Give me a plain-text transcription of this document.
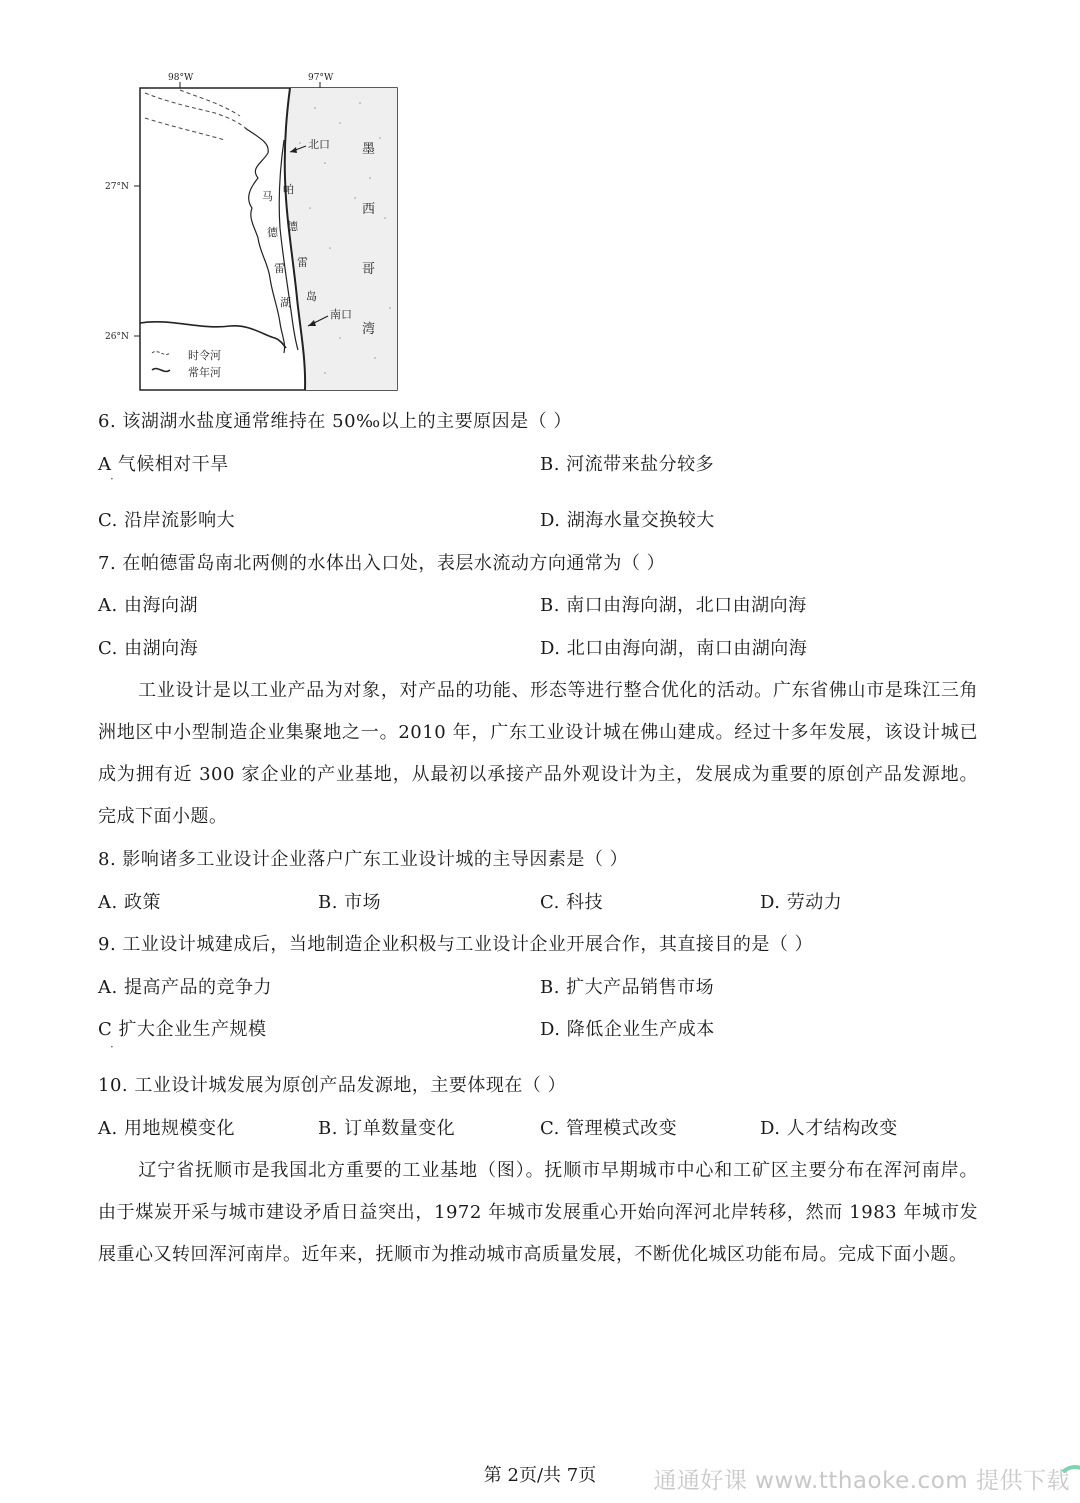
98°W	97°W
27°N
26°N
北口
南口
墨
西
哥
湾
帕
德
雷
岛
马
德
雷
湖
时令河
常年河
6. 该湖湖水盐度通常维持在 50‰以上的主要原因是（ ）
A 气候相对干旱
·
B. 河流带来盐分较多
C. 沿岸流影响大	D. 湖海水量交换较大
7. 在帕德雷岛南北两侧的水体出入口处，表层水流动方向通常为（ ）
A. 由海向湖	B. 南口由海向湖，北口由湖向海
C. 由湖向海	D. 北口由海向湖，南口由湖向海
工业设计是以工业产品为对象，对产品的功能、形态等进行整合优化的活动。广东省佛山市是珠江三角洲地区中小型制造企业集聚地之一。2010 年，广东工业设计城在佛山建成。经过十多年发展，该设计城已成为拥有近 300 家企业的产业基地，从最初以承接产品外观设计为主，发展成为重要的原创产品发源地。完成下面小题。
8. 影响诸多工业设计企业落户广东工业设计城的主导因素是（ ）
A. 政策	B. 市场	C. 科技	D. 劳动力
9. 工业设计城建成后，当地制造企业积极与工业设计企业开展合作，其直接目的是（ ）
A. 提高产品的竞争力	B. 扩大产品销售市场
C 扩大企业生产规模
·
D. 降低企业生产成本
10. 工业设计城发展为原创产品发源地，主要体现在（ ）
A. 用地规模变化	B. 订单数量变化	C. 管理模式改变	D. 人才结构改变
辽宁省抚顺市是我国北方重要的工业基地（图）。抚顺市早期城市中心和工矿区主要分布在浑河南岸。由于煤炭开采与城市建设矛盾日益突出，1972 年城市发展重心开始向浑河北岸转移，然而 1983 年城市发展重心又转回浑河南岸。近年来，抚顺市为推动城市高质量发展，不断优化城区功能布局。完成下面小题。
第 2页/共 7页	通通好课 www.tthaoke.com 提供下载
